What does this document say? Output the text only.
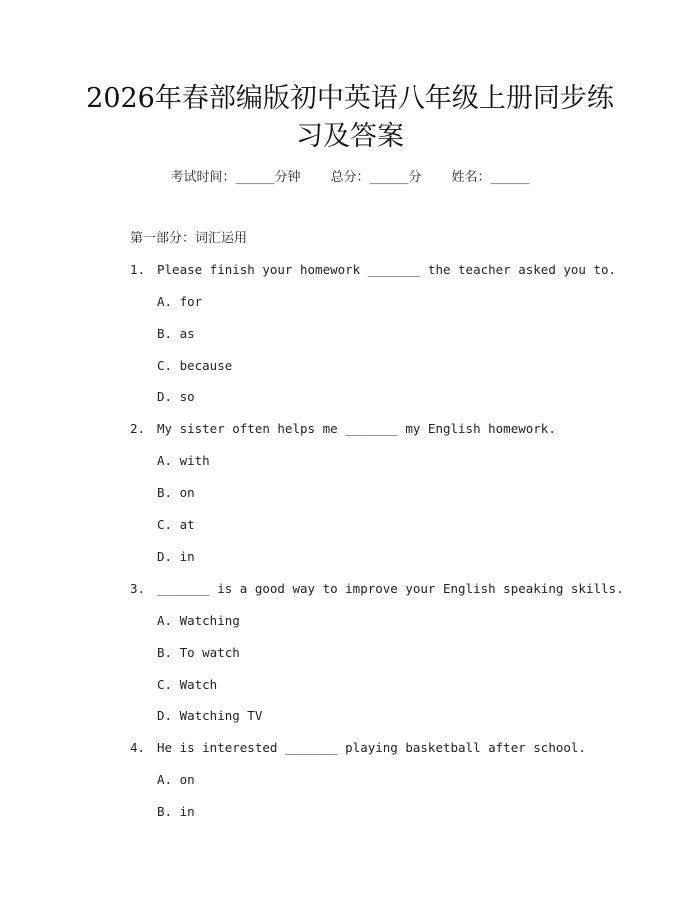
2026年春部编版初中英语八年级上册同步练
习及答案
考试时间：______分钟 总分：______分 姓名：______
第一部分：词汇运用

1.

Please finish your homework _______ the teacher asked you to.

A. for
B. as
C. because
D. so

2.

My sister often helps me _______ my English homework.

A. with
B. on
C. at
D. in

3.

_______ is a good way to improve your English speaking skills.

A. Watching
B. To watch
C. Watch
D. Watching TV

4.

He is interested _______ playing basketball after school.

A. on
B. in
